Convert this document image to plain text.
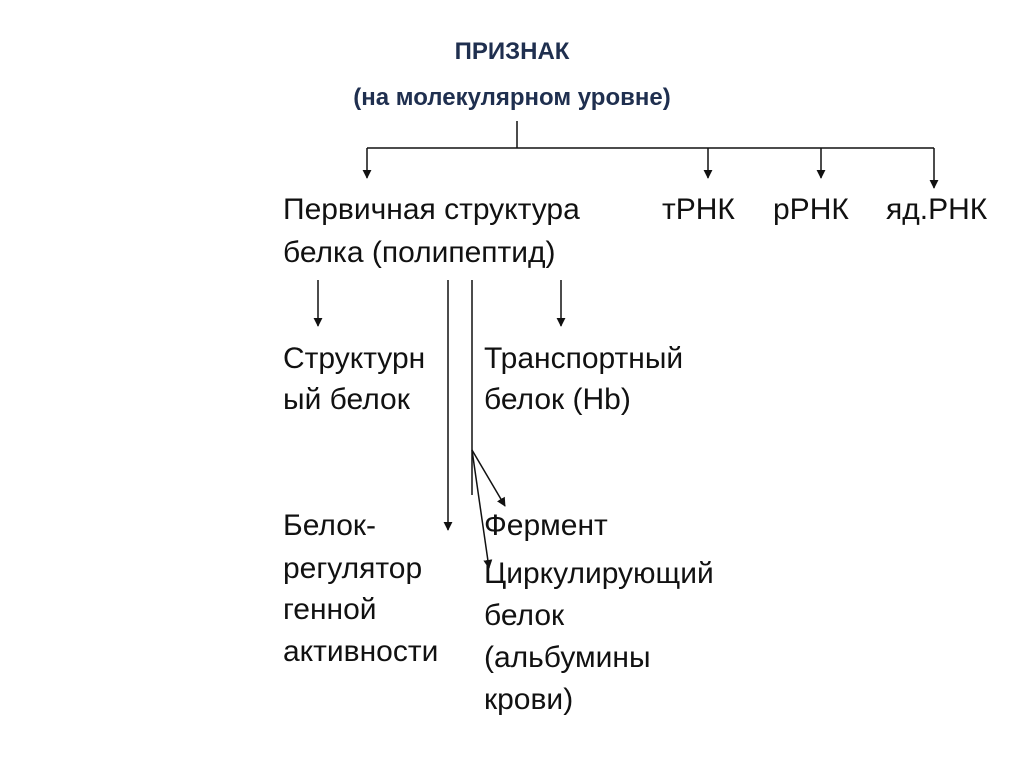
ПРИЗНАК
(на молекулярном уровне)
Первичная структура
белка (полипептид)
тРНК рРНК яд.РНК
Структурн
ый белок
Транспортный
белок (Hb)
Белок-
регулятор
генной
активности
Фермент
Циркулирующий
белок
(альбумины
крови)
